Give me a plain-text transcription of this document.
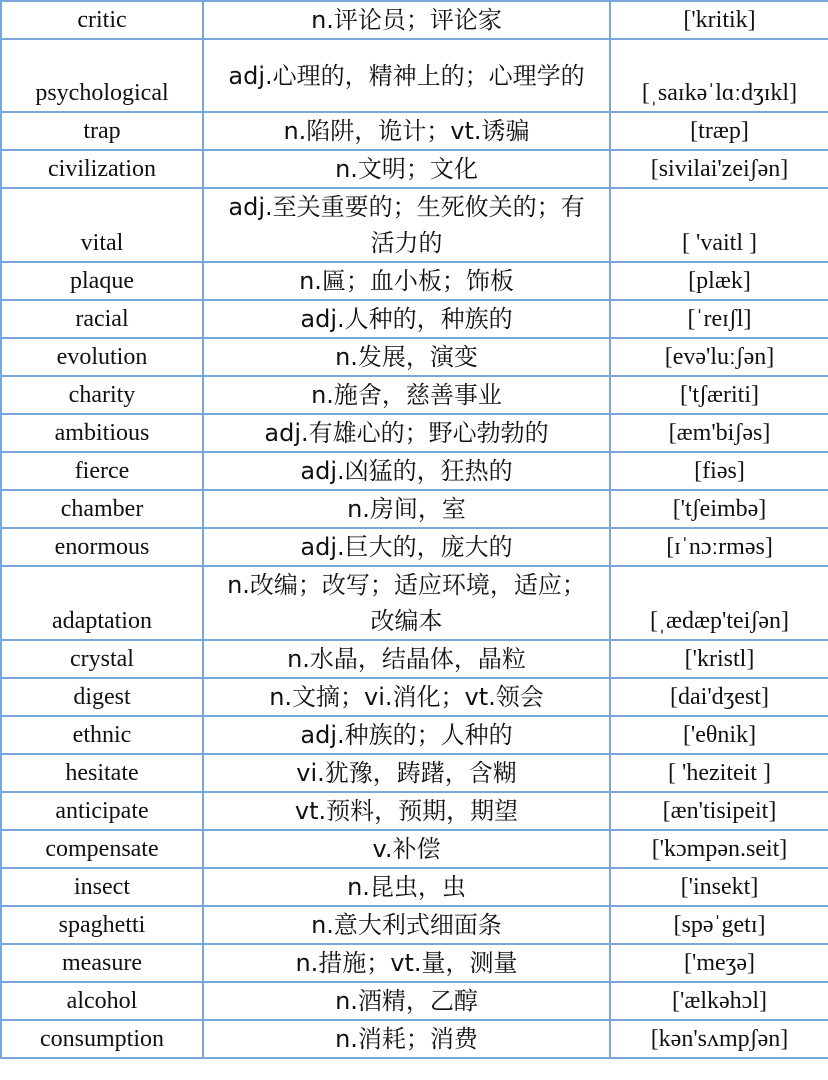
critic	n.评论员；评论家	['kritik]
psychological	adj.心理的，精神上的；心理学的	[ˌsaɪkəˈlɑːdʒɪkl]
trap	n.陷阱，诡计；vt.诱骗	[træp]
civilization	n.文明；文化	[sivilai'zeiʃən]
vital	adj.至关重要的；生死攸关的；有活力的	[ 'vaitl ]
plaque	n.匾；血小板；饰板	[plæk]
racial	adj.人种的，种族的	[ˈreɪʃl]
evolution	n.发展，演变	[evə'luːʃən]
charity	n.施舍，慈善事业	['tʃæriti]
ambitious	adj.有雄心的；野心勃勃的	[æm'biʃəs]
fierce	adj.凶猛的，狂热的	[fiəs]
chamber	n.房间，室	['tʃeimbə]
enormous	adj.巨大的，庞大的	[ɪˈnɔːrməs]
adaptation	n.改编；改写；适应环境，适应；改编本	[ˌædæp'teiʃən]
crystal	n.水晶，结晶体，晶粒	['kristl]
digest	n.文摘；vi.消化；vt.领会	[dai'dʒest]
ethnic	adj.种族的；人种的	['eθnik]
hesitate	vi.犹豫，踌躇，含糊	[ 'heziteit ]
anticipate	vt.预料，预期，期望	[æn'tisipeit]
compensate	v.补偿	['kɔmpən.seit]
insect	n.昆虫，虫	['insekt]
spaghetti	n.意大利式细面条	[spəˈgetɪ]
measure	n.措施；vt.量，测量	['meʒə]
alcohol	n.酒精，乙醇	['ælkəhɔl]
consumption	n.消耗；消费	[kən'sʌmpʃən]
